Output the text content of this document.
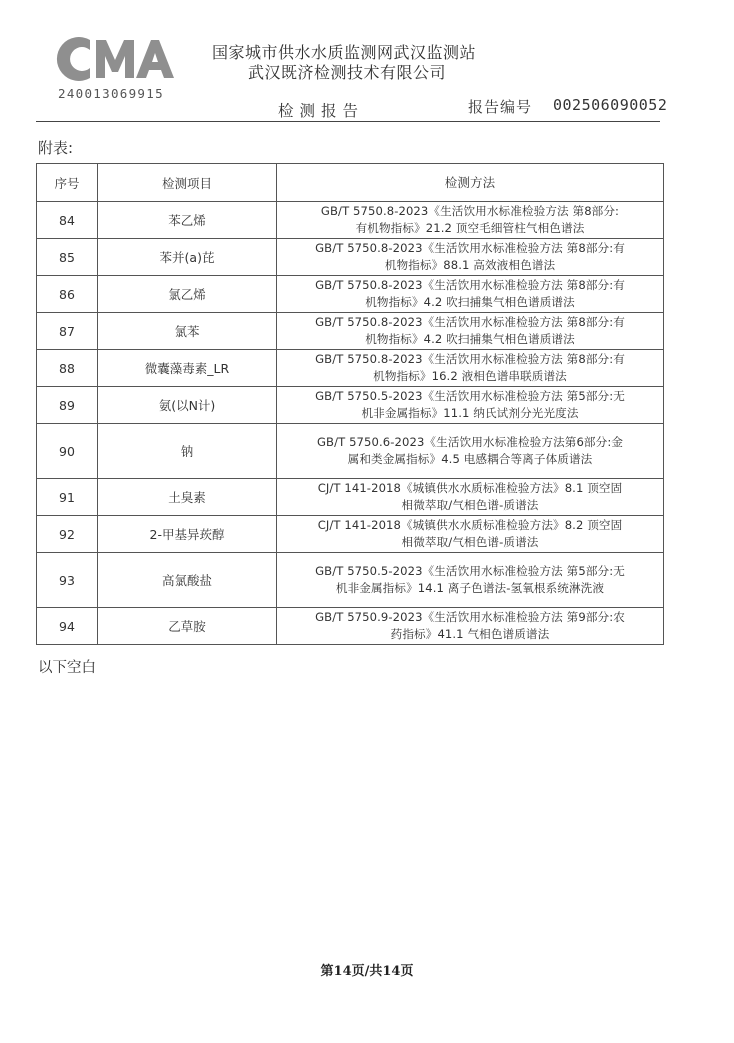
240013069915
国家城市供水水质监测网武汉监测站
武汉既济检测技术有限公司
检测报告	报告编号 002506090052
附表:
序号	检测项目	检测方法
84	苯乙烯	GB/T 5750.8-2023《生活饮用水标准检验方法 第8部分:
有机物指标》21.2 顶空毛细管柱气相色谱法

85	苯并(a)芘	GB/T 5750.8-2023《生活饮用水标准检验方法 第8部分:有
机物指标》88.1 高效液相色谱法

86	氯乙烯	GB/T 5750.8-2023《生活饮用水标准检验方法 第8部分:有
机物指标》4.2 吹扫捕集气相色谱质谱法

87	氯苯	GB/T 5750.8-2023《生活饮用水标准检验方法 第8部分:有
机物指标》4.2 吹扫捕集气相色谱质谱法

88	微囊藻毒素_LR	GB/T 5750.8-2023《生活饮用水标准检验方法 第8部分:有
机物指标》16.2 液相色谱串联质谱法

89	氨(以N计)	GB/T 5750.5-2023《生活饮用水标准检验方法 第5部分:无
机非金属指标》11.1 纳氏试剂分光光度法

90	钠	GB/T 5750.6-2023《生活饮用水标准检验方法第6部分:金
属和类金属指标》4.5 电感耦合等离子体质谱法

91	土臭素	CJ/T 141-2018《城镇供水水质标准检验方法》8.1 顶空固
相微萃取/气相色谱-质谱法

92	2-甲基异莰醇	CJ/T 141-2018《城镇供水水质标准检验方法》8.2 顶空固
相微萃取/气相色谱-质谱法

93	高氯酸盐	GB/T 5750.5-2023《生活饮用水标准检验方法 第5部分:无
机非金属指标》14.1 离子色谱法-氢氧根系统淋洗液

94	乙草胺	GB/T 5750.9-2023《生活饮用水标准检验方法 第9部分:农
药指标》41.1 气相色谱质谱法
以下空白
第14页/共14页
